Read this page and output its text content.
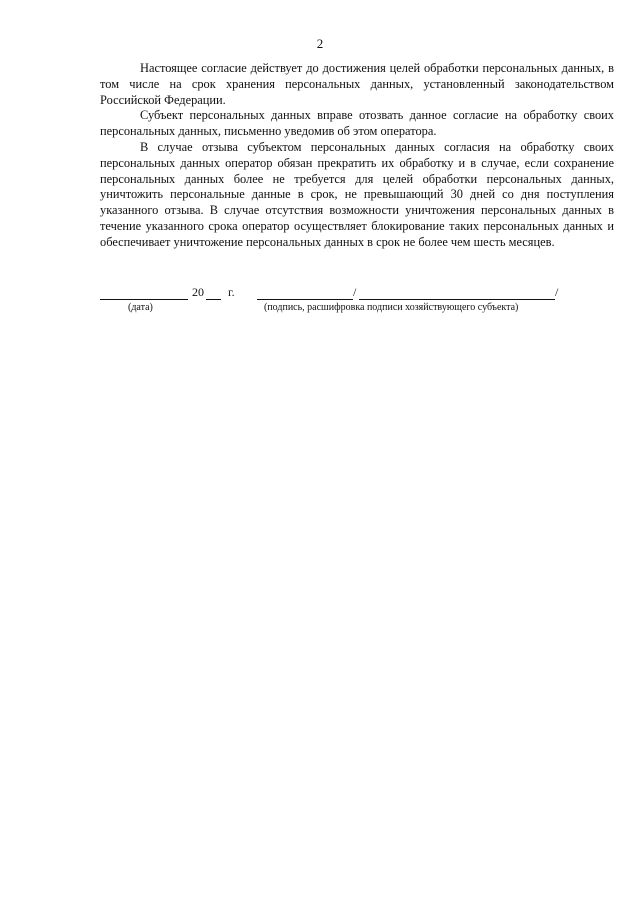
2

Настоящее согласие действует до достижения целей обработки персональных данных, в том числе на срок хранения персональных данных, установленный законодательством Российской Федерации.

Субъект персональных данных вправе отозвать данное согласие на обработку своих персональных данных, письменно уведомив об этом оператора.

В случае отзыва субъектом персональных данных согласия на обработку своих персональных данных оператор обязан прекратить их обработку и в случае, если сохранение персональных данных более не требуется для целей обработки персональных данных, уничтожить персональные данные в срок, не превышающий 30 дней со дня поступления указанного отзыва. В случае отсутствия возможности уничтожения персональных данных в течение указанного срока оператор осуществляет блокирование таких персональных данных и обеспечивает уничтожение персональных данных в срок не более чем шесть месяцев.

20 г.	/	/
(дата)	(подпись, расшифровка подписи хозяйствующего субъекта)
